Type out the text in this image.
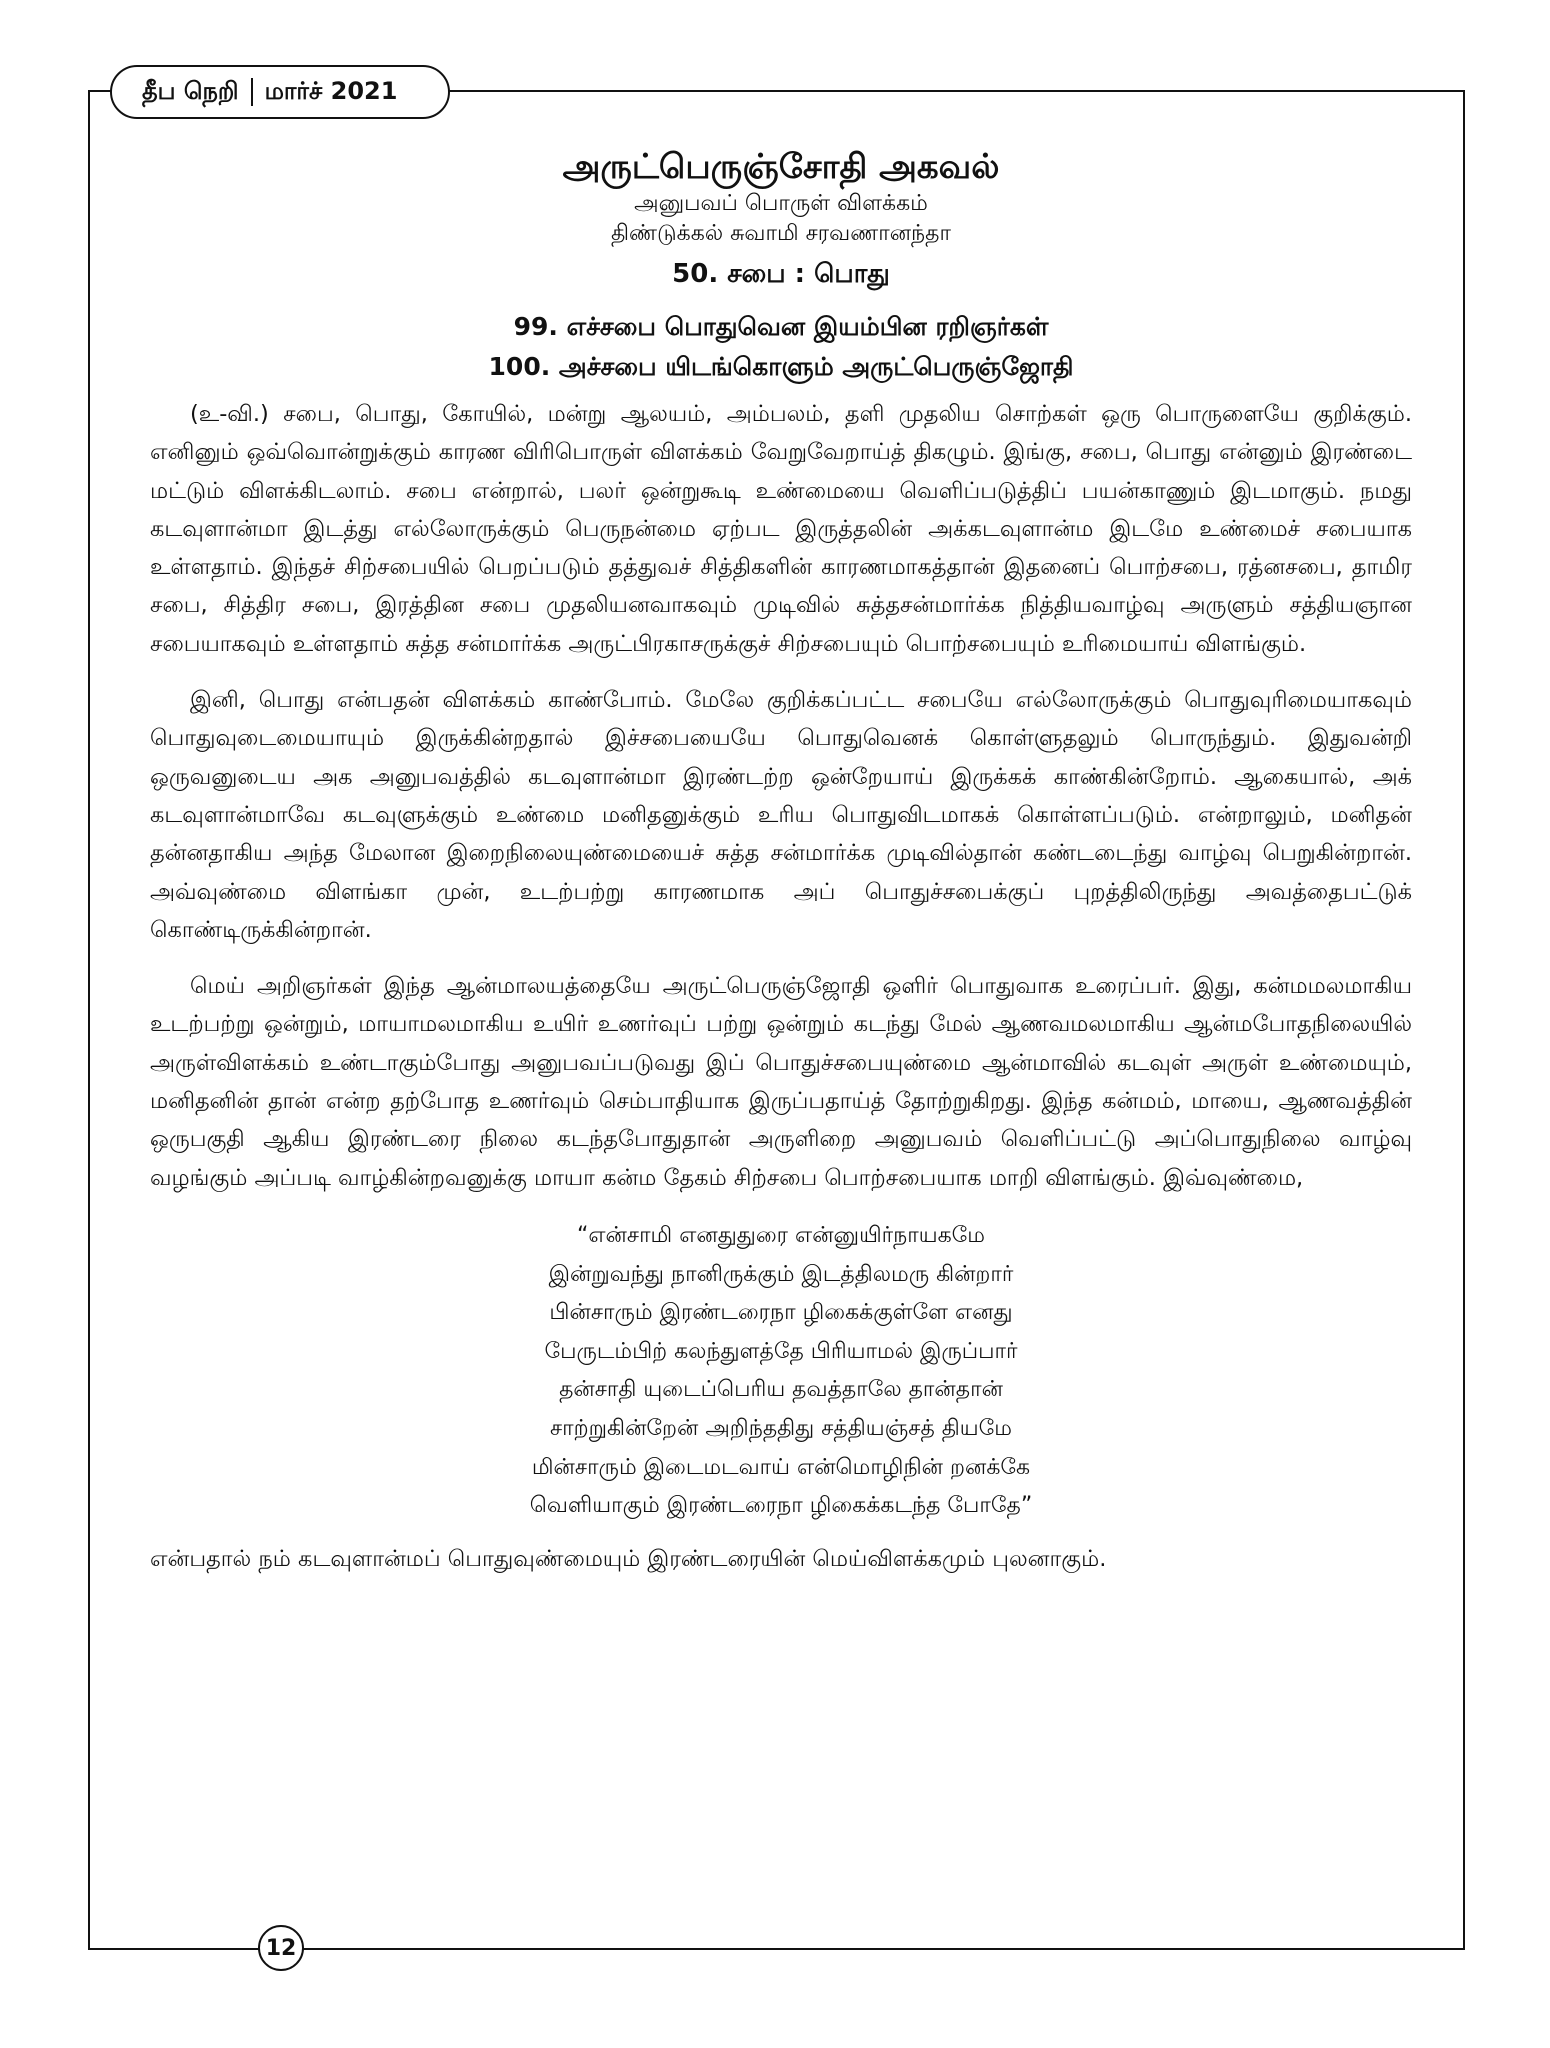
தீப நெறி மார்ச் 2021
அருட்பெருஞ்சோதி அகவல்
அனுபவப் பொருள் விளக்கம்
திண்டுக்கல் சுவாமி சரவணானந்தா
50. சபை : பொது
99. எச்சபை பொதுவென இயம்பின ரறிஞர்கள்
100. அச்சபை யிடங்கொளும் அருட்பெருஞ்ஜோதி

(உ-வி.) சபை, பொது, கோயில், மன்று ஆலயம், அம்பலம், தளி முதலிய சொற்கள் ஒரு பொருளையே குறிக்கும். எனினும் ஒவ்வொன்றுக்கும் காரண விரிபொருள் விளக்கம் வேறுவேறாய்த் திகழும். இங்கு, சபை, பொது என்னும் இரண்டை மட்டும் விளக்கிடலாம். சபை என்றால், பலர் ஒன்றுகூடி உண்மையை வெளிப்படுத்திப் பயன்காணும் இடமாகும். நமது கடவுளான்மா இடத்து எல்லோருக்கும் பெருநன்மை ஏற்பட இருத்தலின் அக்கடவுளான்ம இடமே உண்மைச் சபையாக உள்ளதாம். இந்தச் சிற்சபையில் பெறப்படும் தத்துவச் சித்திகளின் காரணமாகத்தான் இதனைப் பொற்சபை, ரத்னசபை, தாமிர சபை, சித்திர சபை, இரத்தின சபை முதலியனவாகவும் முடிவில் சுத்தசன்மார்க்க நித்தியவாழ்வு அருளும் சத்தியஞான சபையாகவும் உள்ளதாம் சுத்த சன்மார்க்க அருட்பிரகாசருக்குச் சிற்சபையும் பொற்சபையும் உரிமையாய் விளங்கும்.

இனி, பொது என்பதன் விளக்கம் காண்போம். மேலே குறிக்கப்பட்ட சபையே எல்லோருக்கும் பொதுவுரிமையாகவும் பொதுவுடைமையாயும் இருக்கின்றதால் இச்சபையையே பொதுவெனக் கொள்ளுதலும் பொருந்தும். இதுவன்றி ஒருவனுடைய அக அனுபவத்தில் கடவுளான்மா இரண்டற்ற ஒன்றேயாய் இருக்கக் காண்கின்றோம். ஆகையால், அக் கடவுளான்மாவே கடவுளுக்கும் உண்மை மனிதனுக்கும் உரிய பொதுவிடமாகக் கொள்ளப்படும். என்றாலும், மனிதன் தன்னதாகிய அந்த மேலான இறைநிலையுண்மையைச் சுத்த சன்மார்க்க முடிவில்தான் கண்டடைந்து வாழ்வு பெறுகின்றான். அவ்வுண்மை விளங்கா முன், உடற்பற்று காரணமாக அப் பொதுச்சபைக்குப் புறத்திலிருந்து அவத்தைபட்டுக் கொண்டிருக்கின்றான்.

மெய் அறிஞர்கள் இந்த ஆன்மாலயத்தையே அருட்பெருஞ்ஜோதி ஒளிர் பொதுவாக உரைப்பர். இது, கன்மமலமாகிய உடற்பற்று ஒன்றும், மாயாமலமாகிய உயிர் உணர்வுப் பற்று ஒன்றும் கடந்து மேல் ஆணவமலமாகிய ஆன்மபோதநிலையில் அருள்விளக்கம் உண்டாகும்போது அனுபவப்படுவது இப் பொதுச்சபையுண்மை ஆன்மாவில் கடவுள் அருள் உண்மையும், மனிதனின் தான் என்ற தற்போத உணர்வும் செம்பாதியாக இருப்பதாய்த் தோற்றுகிறது. இந்த கன்மம், மாயை, ஆணவத்தின் ஒருபகுதி ஆகிய இரண்டரை நிலை கடந்தபோதுதான் அருளிறை அனுபவம் வெளிப்பட்டு அப்பொதுநிலை வாழ்வு வழங்கும் அப்படி வாழ்கின்றவனுக்கு மாயா கன்ம தேகம் சிற்சபை பொற்சபையாக மாறி விளங்கும். இவ்வுண்மை,

“என்சாமி எனதுதுரை என்னுயிர்நாயகமே
இன்றுவந்து நானிருக்கும் இடத்திலமரு கின்றார்
பின்சாரும் இரண்டரைநா ழிகைக்குள்ளே எனது
பேருடம்பிற் கலந்துளத்தே பிரியாமல் இருப்பார்
தன்சாதி யுடைப்பெரிய தவத்தாலே தான்தான்
சாற்றுகின்றேன் அறிந்ததிது சத்தியஞ்சத் தியமே
மின்சாரும் இடைமடவாய் என்மொழிநின் றனக்கே
வெளியாகும் இரண்டரைநா ழிகைக்கடந்த போதே”

என்பதால் நம் கடவுளான்மப் பொதுவுண்மையும் இரண்டரையின் மெய்விளக்கமும் புலனாகும்.

12
